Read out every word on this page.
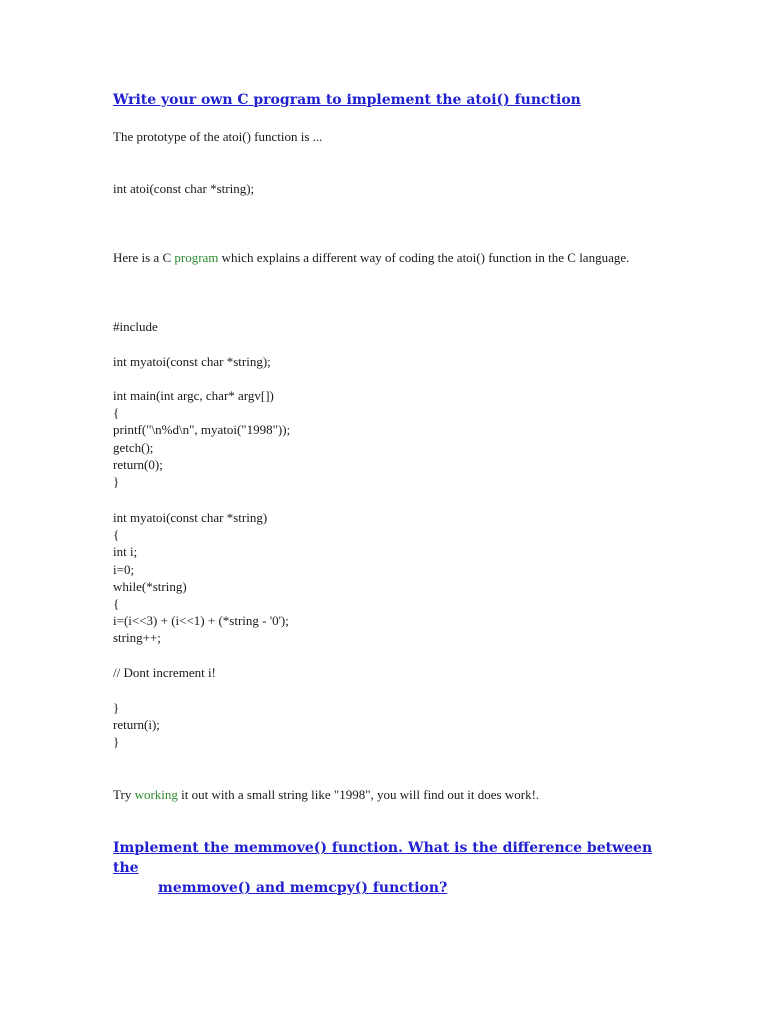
Write your own C program to implement the atoi() function

The prototype of the atoi() function is ...

int atoi(const char *string);

Here is a C program which explains a different way of coding the atoi() function in the C language.

#include

int myatoi(const char *string);

int main(int argc, char* argv[])

{

printf("\n%d\n", myatoi("1998"));

getch();

return(0);

}

int myatoi(const char *string)

{

int i;

i=0;

while(*string)

{

i=(i<<3) + (i<<1) + (*string - '0');

string++;

// Dont increment i!

}

return(i);

}

Try working it out with a small string like "1998", you will find out it does work!.

Implement the memmove() function. What is the difference between the
memmove() and memcpy() function?
